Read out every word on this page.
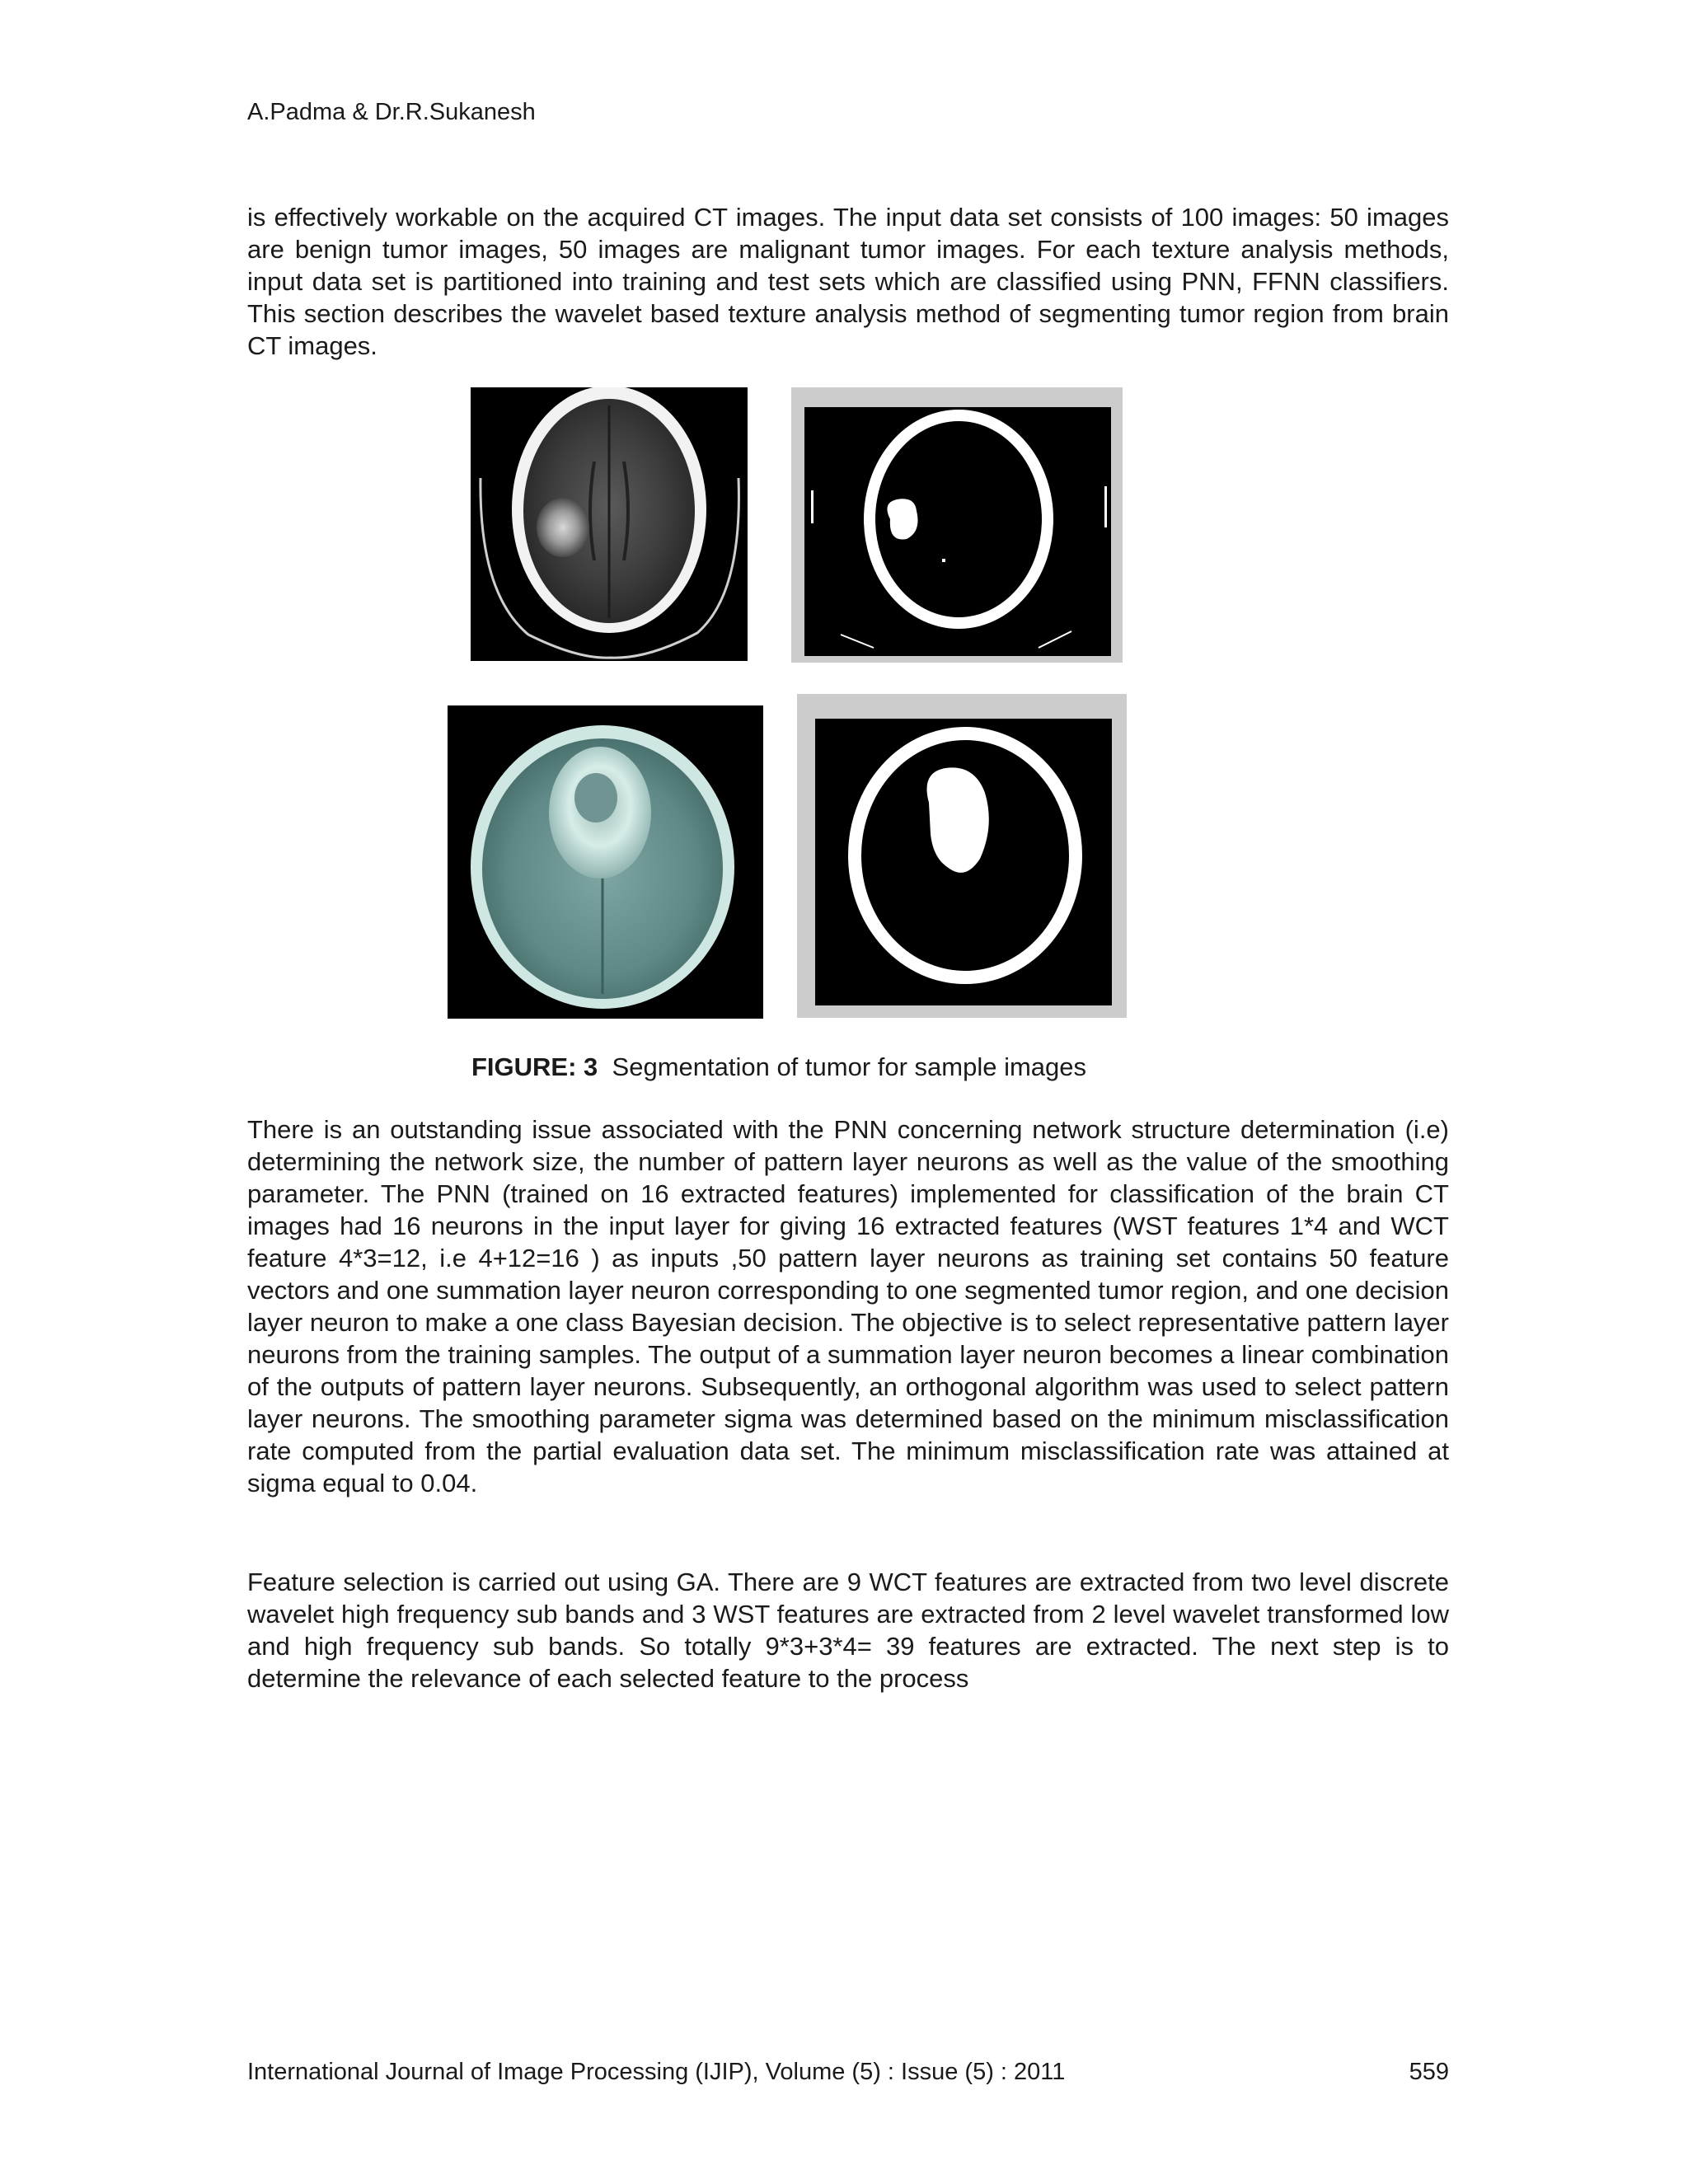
A.Padma & Dr.R.Sukanesh

is effectively workable on the acquired CT images. The input data set consists of 100 images: 50 images are benign tumor images, 50 images are malignant tumor images. For each texture analysis methods, input data set is partitioned into training and test sets which are classified using PNN, FFNN classifiers. This section describes the wavelet based texture analysis method of segmenting tumor region from brain CT images.

FIGURE: 3 Segmentation of tumor for sample images

There is an outstanding issue associated with the PNN concerning network structure determination (i.e) determining the network size, the number of pattern layer neurons as well as the value of the smoothing parameter. The PNN (trained on 16 extracted features) implemented for classification of the brain CT images had 16 neurons in the input layer for giving 16 extracted features (WST features 1*4 and WCT feature 4*3=12, i.e 4+12=16 ) as inputs ,50 pattern layer neurons as training set contains 50 feature vectors and one summation layer neuron corresponding to one segmented tumor region, and one decision layer neuron to make a one class Bayesian decision. The objective is to select representative pattern layer neurons from the training samples. The output of a summation layer neuron becomes a linear combination of the outputs of pattern layer neurons. Subsequently, an orthogonal algorithm was used to select pattern layer neurons. The smoothing parameter sigma was determined based on the minimum misclassification rate computed from the partial evaluation data set. The minimum misclassification rate was attained at sigma equal to 0.04.

Feature selection is carried out using GA. There are 9 WCT features are extracted from two level discrete wavelet high frequency sub bands and 3 WST features are extracted from 2 level wavelet transformed low and high frequency sub bands. So totally 9*3+3*4= 39 features are extracted. The next step is to determine the relevance of each selected feature to the process

International Journal of Image Processing (IJIP), Volume (5) : Issue (5) : 2011	559
